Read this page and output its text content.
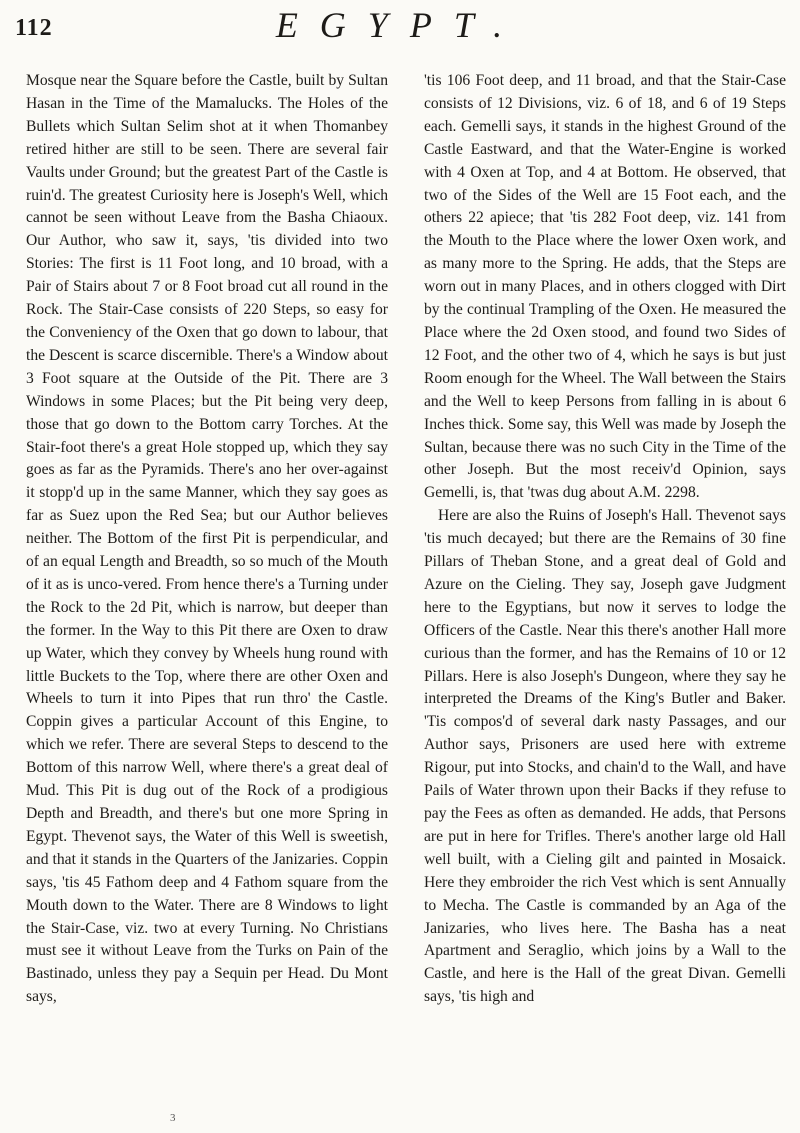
112	EGYPT.

Mosque near the Square before the Castle, built by Sultan Hasan in the Time of the Mamalucks. The Holes of the Bullets which Sultan Selim shot at it when Thomanbey retired hither are still to be seen. There are several fair Vaults under Ground; but the greatest Part of the Castle is ruin'd. The greatest Curiosity here is Joseph's Well, which cannot be seen without Leave from the Basha Chiaoux. Our Author, who saw it, says, 'tis divided into two Stories: The first is 11 Foot long, and 10 broad, with a Pair of Stairs about 7 or 8 Foot broad cut all round in the Rock. The Stair-Case consists of 220 Steps, so easy for the Conveniency of the Oxen that go down to labour, that the Descent is scarce discernible. There's a Window about 3 Foot square at the Outside of the Pit. There are 3 Windows in some Places; but the Pit being very deep, those that go down to the Bottom carry Torches. At the Stair-foot there's a great Hole stopped up, which they say goes as far as the Pyramids. There's ano her over-against it stopp'd up in the same Manner, which they say goes as far as Suez upon the Red Sea; but our Author believes neither. The Bottom of the first Pit is perpendicular, and of an equal Length and Breadth, so so much of the Mouth of it as is unco-vered. From hence there's a Turning under the Rock to the 2d Pit, which is narrow, but deeper than the former. In the Way to this Pit there are Oxen to draw up Water, which they convey by Wheels hung round with little Buckets to the Top, where there are other Oxen and Wheels to turn it into Pipes that run thro' the Castle. Coppin gives a particular Account of this Engine, to which we refer. There are several Steps to descend to the Bottom of this narrow Well, where there's a great deal of Mud. This Pit is dug out of the Rock of a prodigious Depth and Breadth, and there's but one more Spring in Egypt. Thevenot says, the Water of this Well is sweetish, and that it stands in the Quarters of the Janizaries. Coppin says, 'tis 45 Fathom deep and 4 Fathom square from the Mouth down to the Water. There are 8 Windows to light the Stair-Case, viz. two at every Turning. No Christians must see it without Leave from the Turks on Pain of the Bastinado, unless they pay a Sequin per Head. Du Mont says,

'tis 106 Foot deep, and 11 broad, and that the Stair-Case consists of 12 Divisions, viz. 6 of 18, and 6 of 19 Steps each. Gemelli says, it stands in the highest Ground of the Castle Eastward, and that the Water-Engine is worked with 4 Oxen at Top, and 4 at Bottom. He observed, that two of the Sides of the Well are 15 Foot each, and the others 22 apiece; that 'tis 282 Foot deep, viz. 141 from the Mouth to the Place where the lower Oxen work, and as many more to the Spring. He adds, that the Steps are worn out in many Places, and in others clogged with Dirt by the continual Trampling of the Oxen. He measured the Place where the 2d Oxen stood, and found two Sides of 12 Foot, and the other two of 4, which he says is but just Room enough for the Wheel. The Wall between the Stairs and the Well to keep Persons from falling in is about 6 Inches thick. Some say, this Well was made by Joseph the Sultan, because there was no such City in the Time of the other Joseph. But the most receiv'd Opinion, says Gemelli, is, that 'twas dug about A.M. 2298.

Here are also the Ruins of Joseph's Hall. Thevenot says 'tis much decayed; but there are the Remains of 30 fine Pillars of Theban Stone, and a great deal of Gold and Azure on the Cieling. They say, Joseph gave Judgment here to the Egyptians, but now it serves to lodge the Officers of the Castle. Near this there's another Hall more curious than the former, and has the Remains of 10 or 12 Pillars. Here is also Joseph's Dungeon, where they say he interpreted the Dreams of the King's Butler and Baker. 'Tis compos'd of several dark nasty Passages, and our Author says, Prisoners are used here with extreme Rigour, put into Stocks, and chain'd to the Wall, and have Pails of Water thrown upon their Backs if they refuse to pay the Fees as often as demanded. He adds, that Persons are put in here for Trifles. There's another large old Hall well built, with a Cieling gilt and painted in Mosaick. Here they embroider the rich Vest which is sent Annually to Mecha. The Castle is commanded by an Aga of the Janizaries, who lives here. The Basha has a neat Apartment and Seraglio, which joins by a Wall to the Castle, and here is the Hall of the great Divan. Gemelli says, 'tis high and

3
